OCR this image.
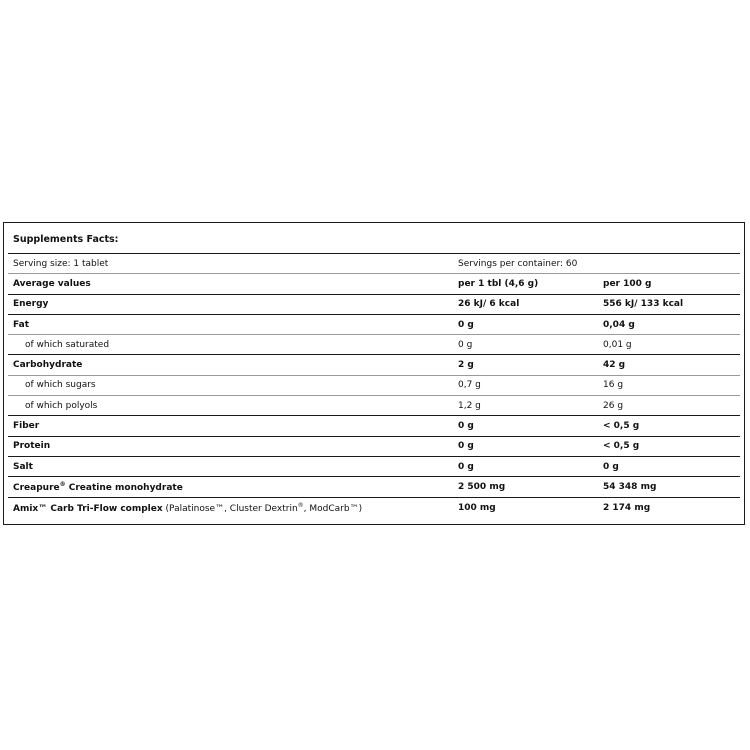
Supplements Facts:
Serving size: 1 tablet	Servings per container: 60
Average values	per 1 tbl (4,6 g)	per 100 g
Energy	26 kJ/ 6 kcal	556 kJ/ 133 kcal
Fat	0 g	0,04 g
of which saturated	0 g	0,01 g
Carbohydrate	2 g	42 g
of which sugars	0,7 g	16 g
of which polyols	1,2 g	26 g
Fiber	0 g	< 0,5 g
Protein	0 g	< 0,5 g
Salt	0 g	0 g
Creapure® Creatine monohydrate	2 500 mg	54 348 mg
Amix™ Carb Tri-Flow complex (Palatinose™, Cluster Dextrin®, ModCarb™)	100 mg	2 174 mg
